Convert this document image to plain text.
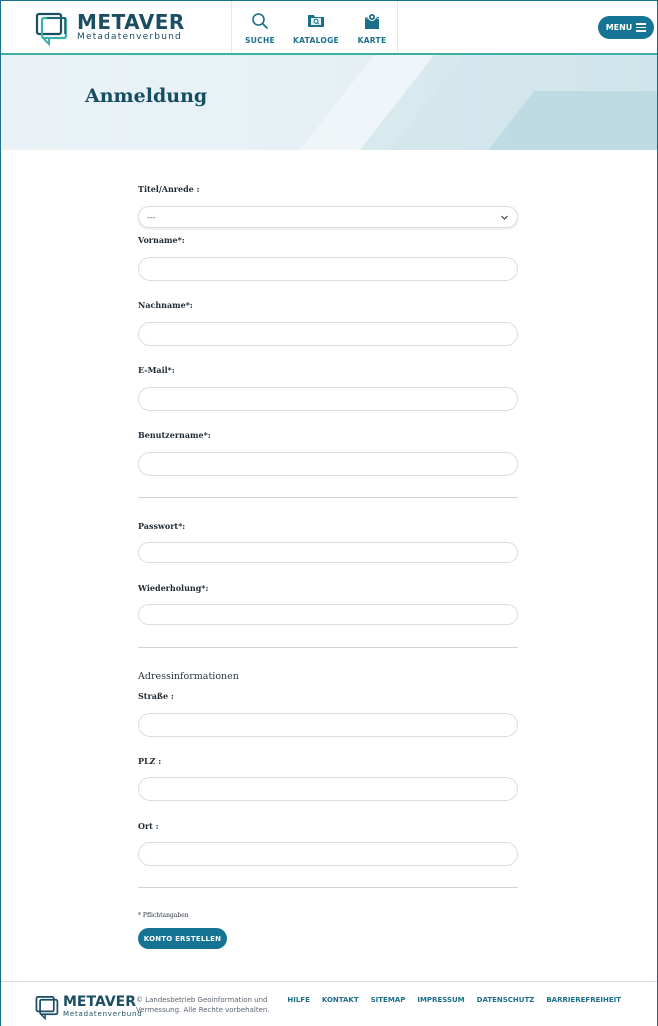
METAVER
Metadatenverbund	SUCHE	KATALOGE	KARTE
MENU
Anmeldung
Titel/Anrede :
---
Vorname*:
Nachname*:
E-Mail*:
Benutzername*:
Passwort*:
Wiederholung*:
Adressinformationen
Straße :
PLZ :
Ort :
* Pflichtangaben
KONTO ERSTELLEN
METAVER
Metadatenverbund
© Landesbetrieb Geoinformation und Vermessung. Alle Rechte vorbehalten.
HILFE KONTAKT SITEMAP IMPRESSUM DATENSCHUTZ BARRIEREFREIHEIT
